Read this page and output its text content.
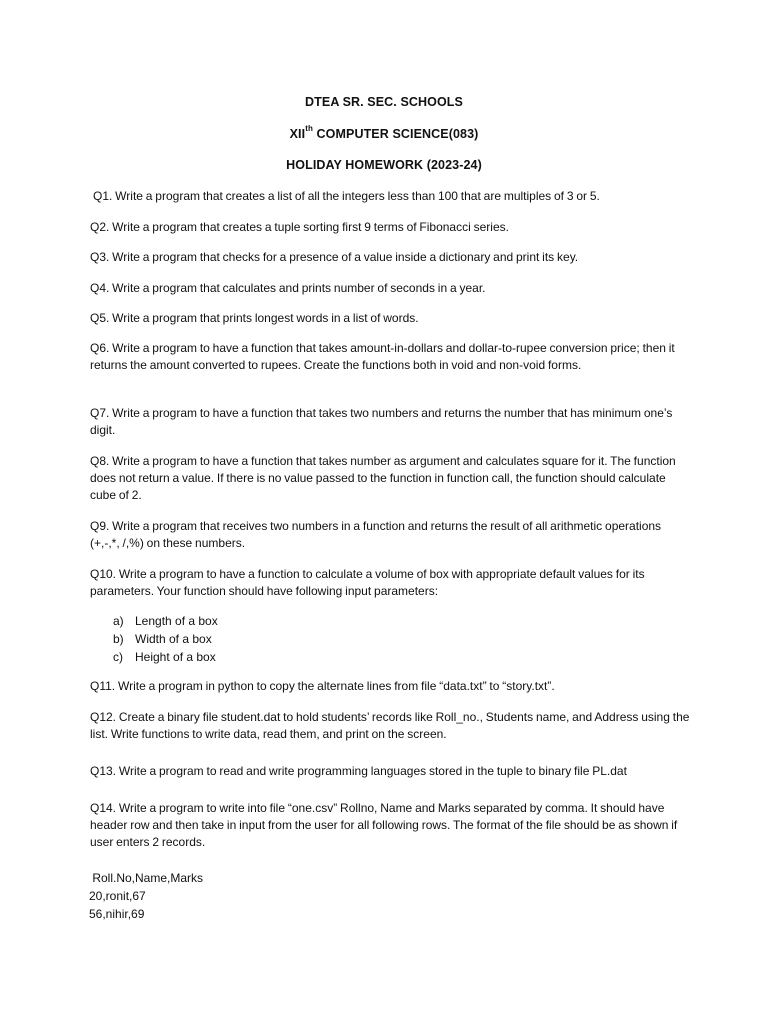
DTEA SR. SEC. SCHOOLS
XIIth COMPUTER SCIENCE(083)
HOLIDAY HOMEWORK (2023-24)
Q1. Write a program that creates a list of all the integers less than 100 that are multiples of 3 or 5.
Q2. Write a program that creates a tuple sorting first 9 terms of Fibonacci series.
Q3. Write a program that checks for a presence of a value inside a dictionary and print its key.
Q4. Write a program that calculates and prints number of seconds in a year.
Q5. Write a program that prints longest words in a list of words.
Q6. Write a program to have a function that takes amount-in-dollars and dollar-to-rupee conversion price; then it returns the amount converted to rupees. Create the functions both in void and non-void forms.
Q7. Write a program to have a function that takes two numbers and returns the number that has minimum one’s digit.
Q8. Write a program to have a function that takes number as argument and calculates square for it. The function does not return a value. If there is no value passed to the function in function call, the function should calculate cube of 2.
Q9. Write a program that receives two numbers in a function and returns the result of all arithmetic operations (+,-,*, /,%) on these numbers.
Q10. Write a program to have a function to calculate a volume of box with appropriate default values for its parameters. Your function should have following input parameters:
a) Length of a box
b) Width of a box
c) Height of a box
Q11. Write a program in python to copy the alternate lines from file “data.txt” to “story.txt”.
Q12. Create a binary file student.dat to hold students’ records like Roll_no., Students name, and Address using the list. Write functions to write data, read them, and print on the screen.
Q13. Write a program to read and write programming languages stored in the tuple to binary file PL.dat
Q14. Write a program to write into file “one.csv” Rollno, Name and Marks separated by comma. It should have header row and then take in input from the user for all following rows. The format of the file should be as shown if user enters 2 records.
Roll.No,Name,Marks
20,ronit,67
56,nihir,69
